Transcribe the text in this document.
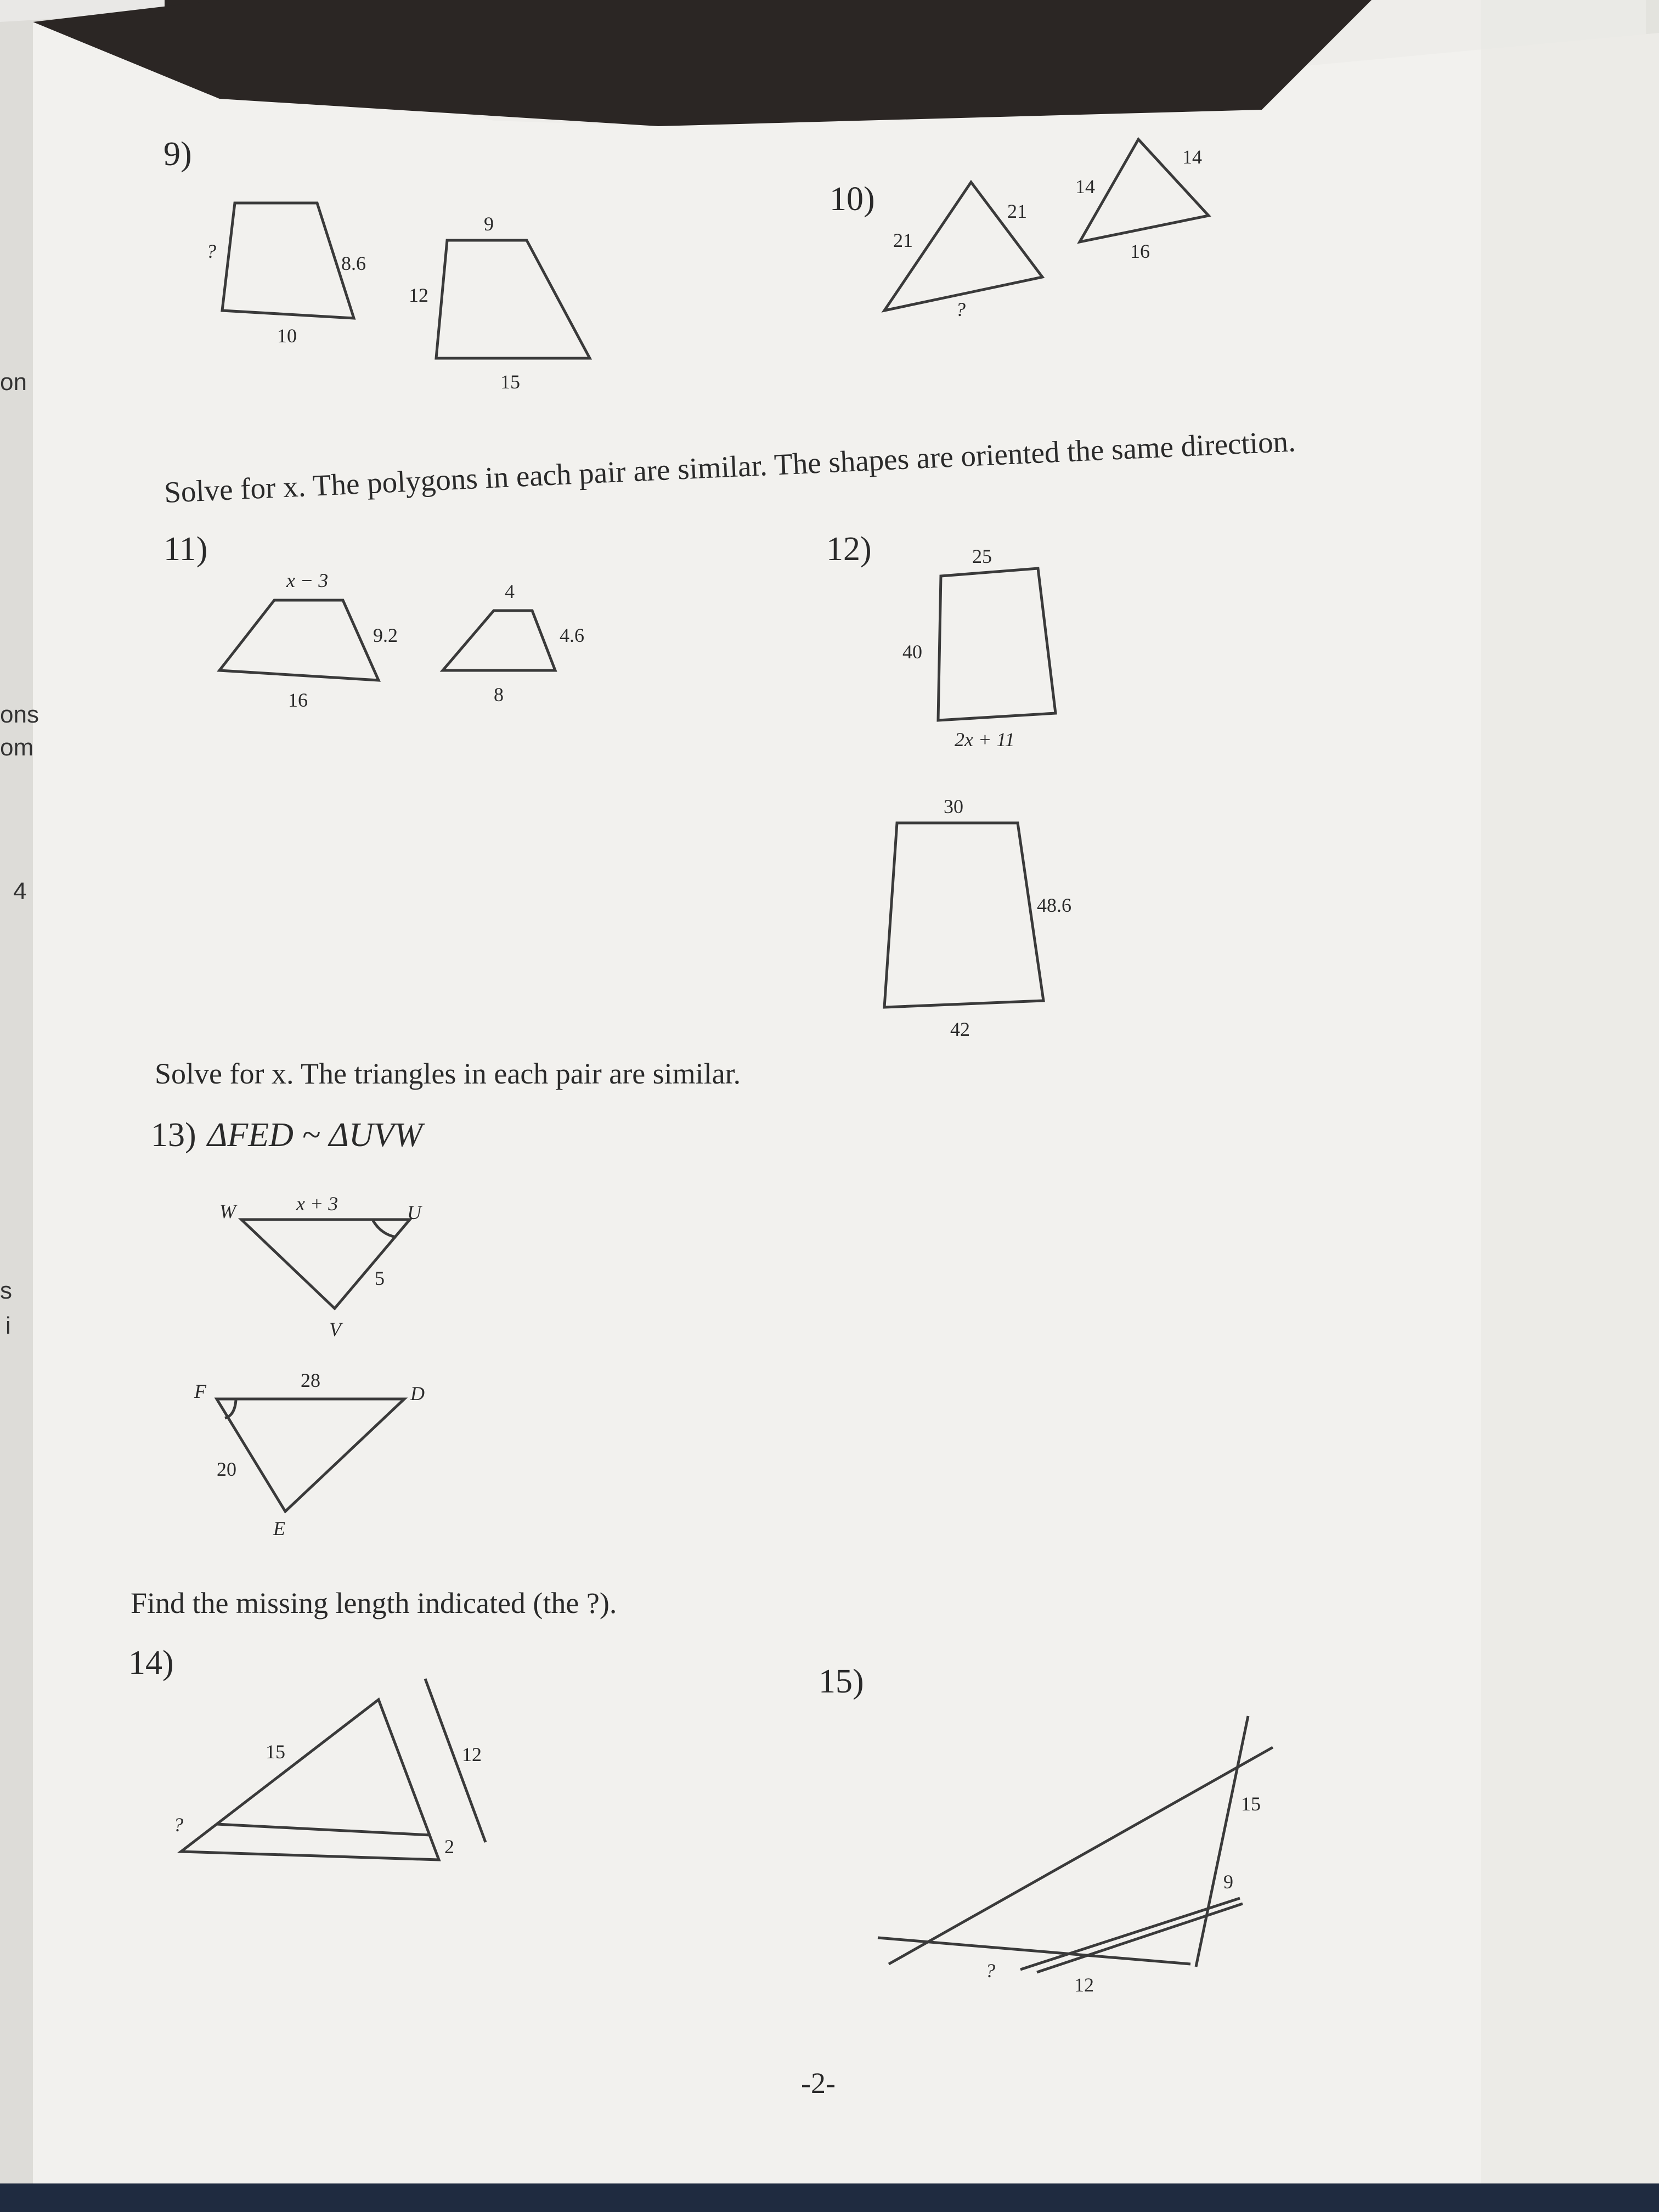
on
ons
om
4
s
i
9)
10)
11)	12)
13) ΔFED ~ ΔUVW
14)	15)
Solve for x. The polygons in each pair are similar. The shapes are oriented the same direction.
Solve for x. The triangles in each pair are similar.
Find the missing length indicated (the ?).
?
8.6
10
9
12
15
21
21
?
14
14
16
x − 3
9.2
16
4
4.6
8
25
40
2x + 11
30
48.6
42
W	U
V
x + 3
5
F	D
E
28
20
15
?
12
2
15
9
?
12
-2-
